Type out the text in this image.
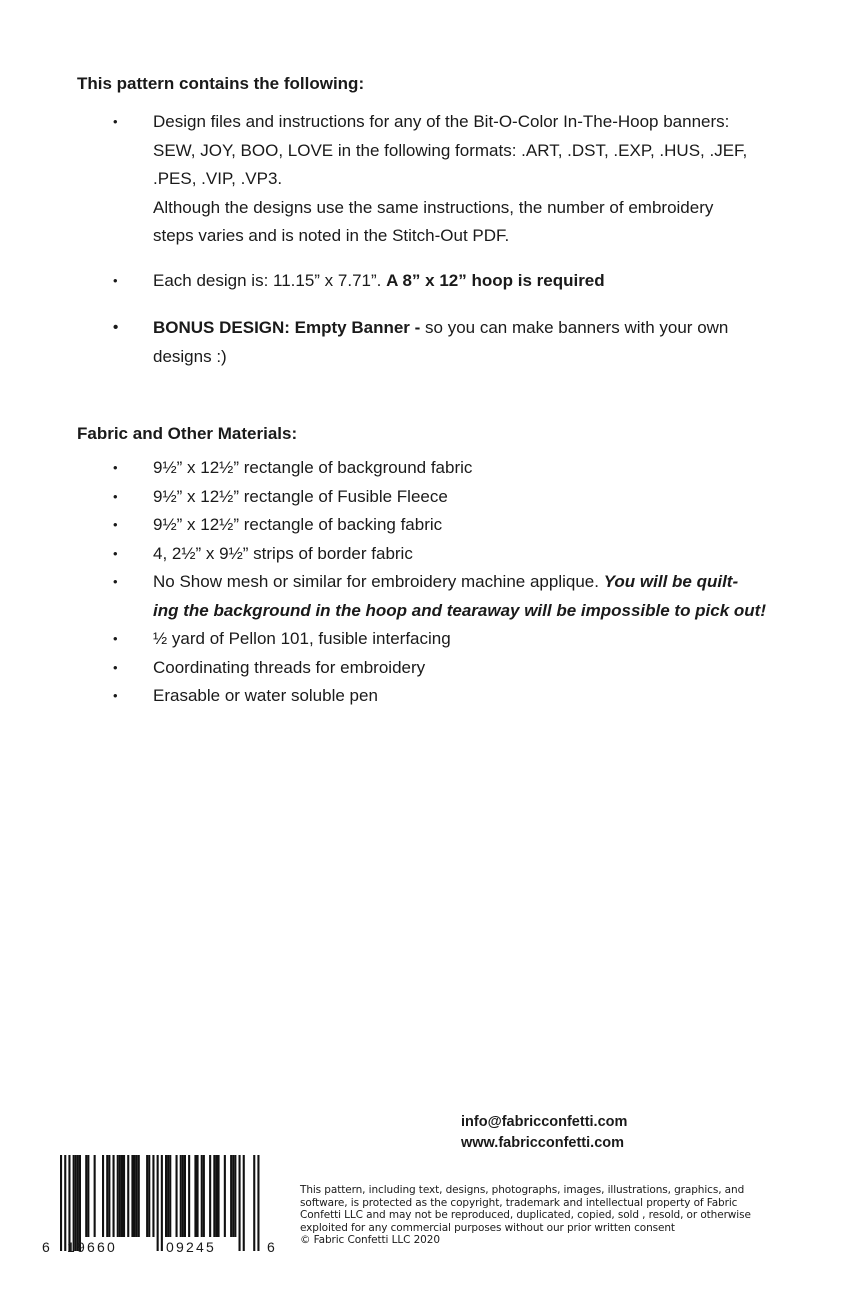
This pattern contains the following:
• Design files and instructions for any of the Bit-O-Color In-The-Hoop banners:
SEW, JOY, BOO, LOVE in the following formats: .ART, .DST, .EXP, .HUS, .JEF,
.PES, .VIP, .VP3.
Although the designs use the same instructions, the number of embroidery
steps varies and is noted in the Stitch-Out PDF.
• Each design is: 11.15” x 7.71”. A 8” x 12” hoop is required
• BONUS DESIGN: Empty Banner - so you can make banners with your own
designs :)
Fabric and Other Materials:
• 9½” x 12½” rectangle of background fabric
• 9½” x 12½” rectangle of Fusible Fleece
• 9½” x 12½” rectangle of backing fabric
• 4, 2½” x 9½” strips of border fabric
• No Show mesh or similar for embroidery machine applique. You will be quilt-
ing the background in the hoop and tearaway will be impossible to pick out!
• ½ yard of Pellon 101, fusible interfacing
• Coordinating threads for embroidery
• Erasable or water soluble pen
info@fabricconfetti.com
www.fabricconfetti.com
6 19660	09245	6
This pattern, including text, designs, photographs, images, illustrations, graphics, and
software, is protected as the copyright, trademark and intellectual property of Fabric
Confetti LLC and may not be reproduced, duplicated, copied, sold , resold, or otherwise
exploited for any commercial purposes without our prior written consent
© Fabric Confetti LLC 2020
